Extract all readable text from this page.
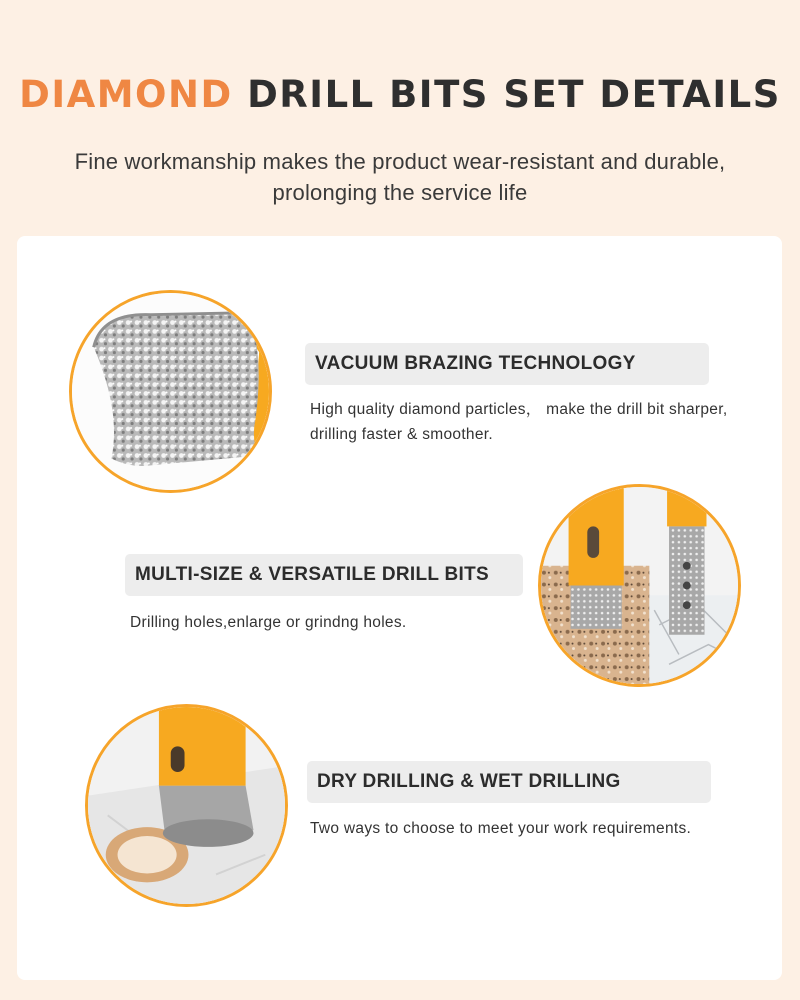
DIAMOND DRILL BITS SET DETAILS
Fine workmanship makes the product wear-resistant and durable, prolonging the service life
VACUUM BRAZING TECHNOLOGY
High quality diamond particles， make the drill bit sharper, drilling faster & smoother.
MULTI-SIZE & VERSATILE DRILL BITS
Drilling holes,enlarge or grindng holes.
DRY DRILLING & WET DRILLING
Two ways to choose to meet your work requirements.
